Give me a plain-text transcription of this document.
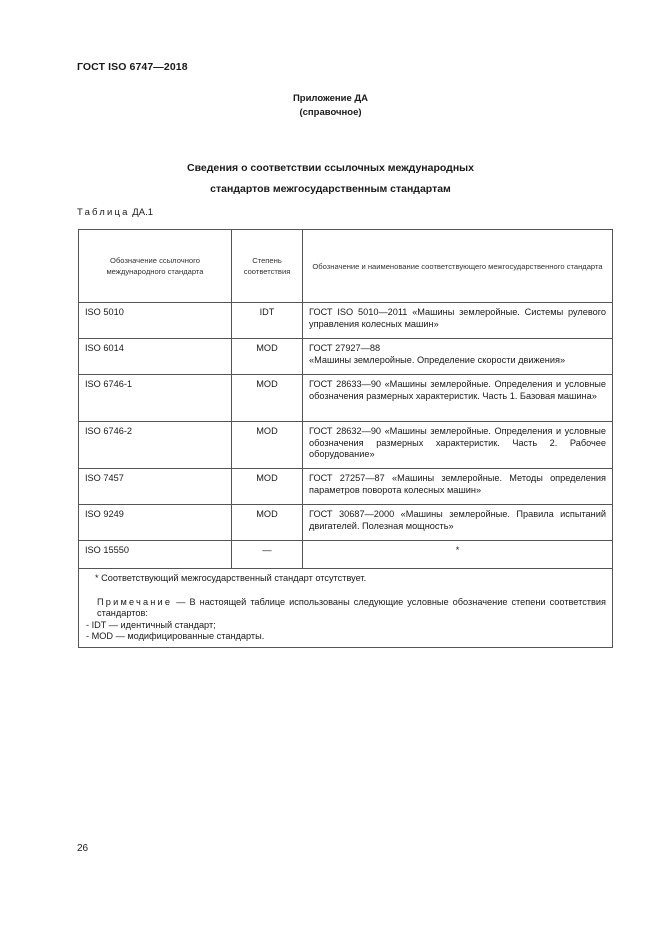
ГОСТ ISO 6747—2018
Приложение ДА
(справочное)
Сведения о соответствии ссылочных международных
стандартов межгосударственным стандартам
Таблица ДА.1
Обозначение ссылочного международного стандарта	Степень соответствия	Обозначение и наименование соответствующего межгосударственного стандарта
ISO 5010	IDT	ГОСТ ISO 5010—2011 «Машины землеройные. Системы рулевого управления колесных машин»
ISO 6014	MOD	ГОСТ 27927—88
«Машины землеройные. Определение скорости движения»

ISO 6746-1	MOD	ГОСТ 28633—90 «Машины землеройные. Определения и условные обозначения размерных характеристик. Часть 1. Базовая машина»
ISO 6746-2	MOD	ГОСТ 28632—90 «Машины землеройные. Определения и условные обозначения размерных характеристик. Часть 2. Рабочее оборудование»
ISO 7457	MOD	ГОСТ 27257—87 «Машины землеройные. Методы определения параметров поворота колесных машин»
ISO 9249	MOD	ГОСТ 30687—2000 «Машины землеройные. Правила испытаний двигателей. Полезная мощность»
ISO 15550	—	*

* Соответствующий межгосударственный стандарт отсутствует.
Примечание — В настоящей таблице использованы следующие условные обозначение степени соответствия стандартов:
- IDT — идентичный стандарт;
- MOD — модифицированные стандарты.		
26
